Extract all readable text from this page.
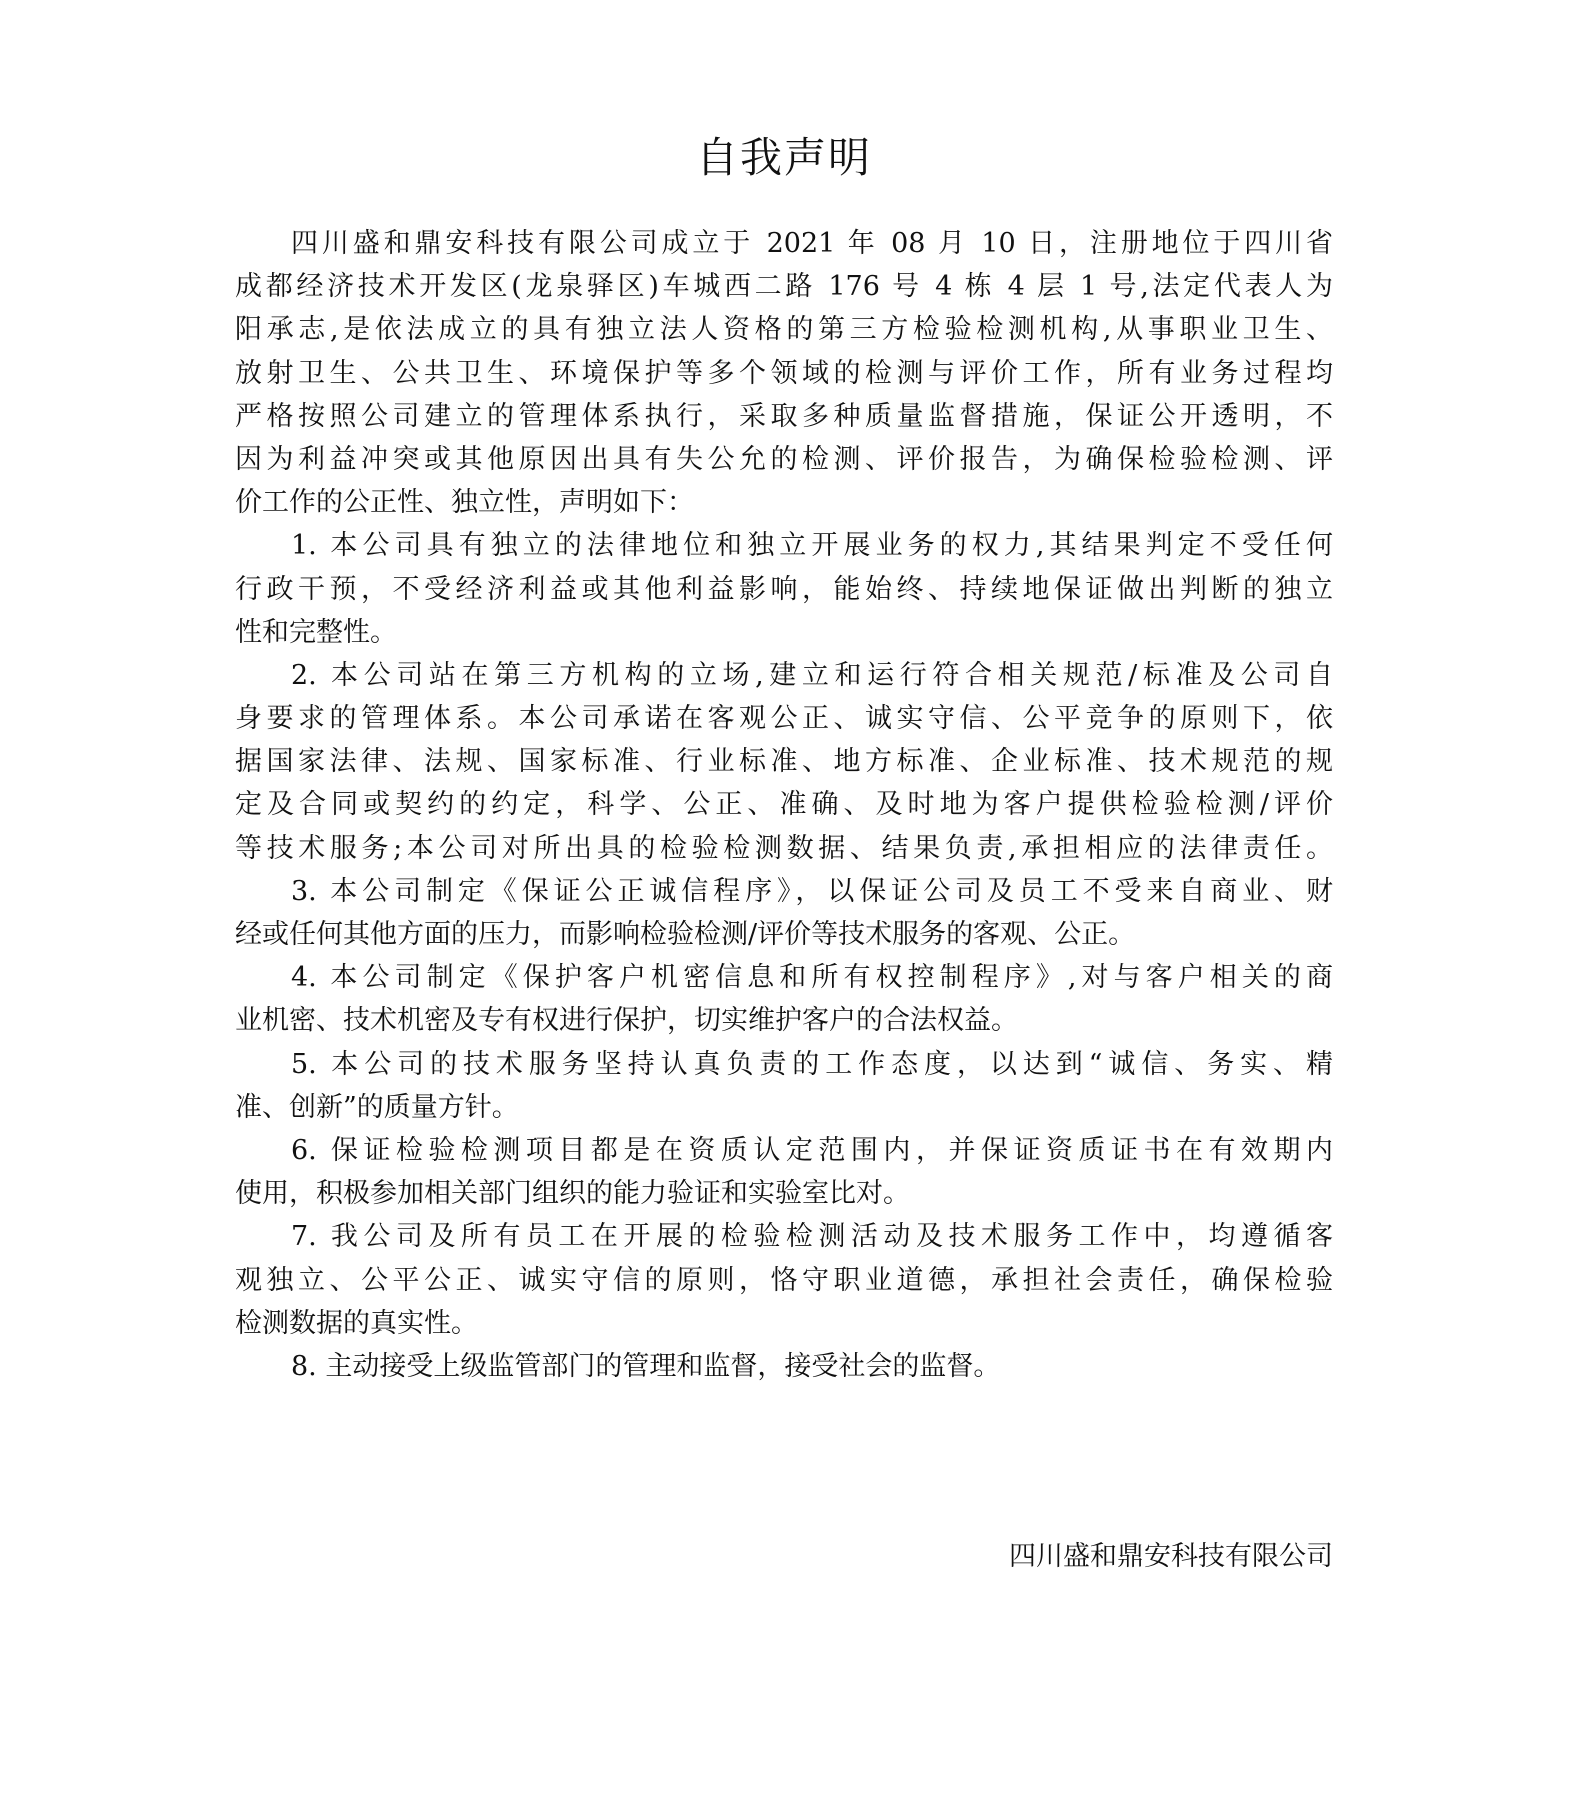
自我声明
四川盛和鼎安科技有限公司成立于 2021 年 08 月 10 日，注册地位于四川省
成都经济技术开发区(龙泉驿区)车城西二路 176 号 4 栋 4 层 1 号,法定代表人为
阳承志,是依法成立的具有独立法人资格的第三方检验检测机构,从事职业卫生、
放射卫生、公共卫生、环境保护等多个领域的检测与评价工作，所有业务过程均
严格按照公司建立的管理体系执行，采取多种质量监督措施，保证公开透明，不
因为利益冲突或其他原因出具有失公允的检测、评价报告，为确保检验检测、评
价工作的公正性、独立性，声明如下：
1. 本公司具有独立的法律地位和独立开展业务的权力,其结果判定不受任何
行政干预，不受经济利益或其他利益影响，能始终、持续地保证做出判断的独立
性和完整性。
2. 本公司站在第三方机构的立场,建立和运行符合相关规范/标准及公司自
身要求的管理体系。本公司承诺在客观公正、诚实守信、公平竞争的原则下，依
据国家法律、法规、国家标准、行业标准、地方标准、企业标准、技术规范的规
定及合同或契约的约定，科学、公正、准确、及时地为客户提供检验检测/评价
等技术服务;本公司对所出具的检验检测数据、结果负责,承担相应的法律责任。
3. 本公司制定《保证公正诚信程序》，以保证公司及员工不受来自商业、财
经或任何其他方面的压力，而影响检验检测/评价等技术服务的客观、公正。
4. 本公司制定《保护客户机密信息和所有权控制程序》,对与客户相关的商
业机密、技术机密及专有权进行保护，切实维护客户的合法权益。
5. 本公司的技术服务坚持认真负责的工作态度，以达到“诚信、务实、精
准、创新”的质量方针。
6. 保证检验检测项目都是在资质认定范围内，并保证资质证书在有效期内
使用，积极参加相关部门组织的能力验证和实验室比对。
7. 我公司及所有员工在开展的检验检测活动及技术服务工作中，均遵循客
观独立、公平公正、诚实守信的原则，恪守职业道德，承担社会责任，确保检验
检测数据的真实性。
8. 主动接受上级监管部门的管理和监督，接受社会的监督。
四川盛和鼎安科技有限公司
